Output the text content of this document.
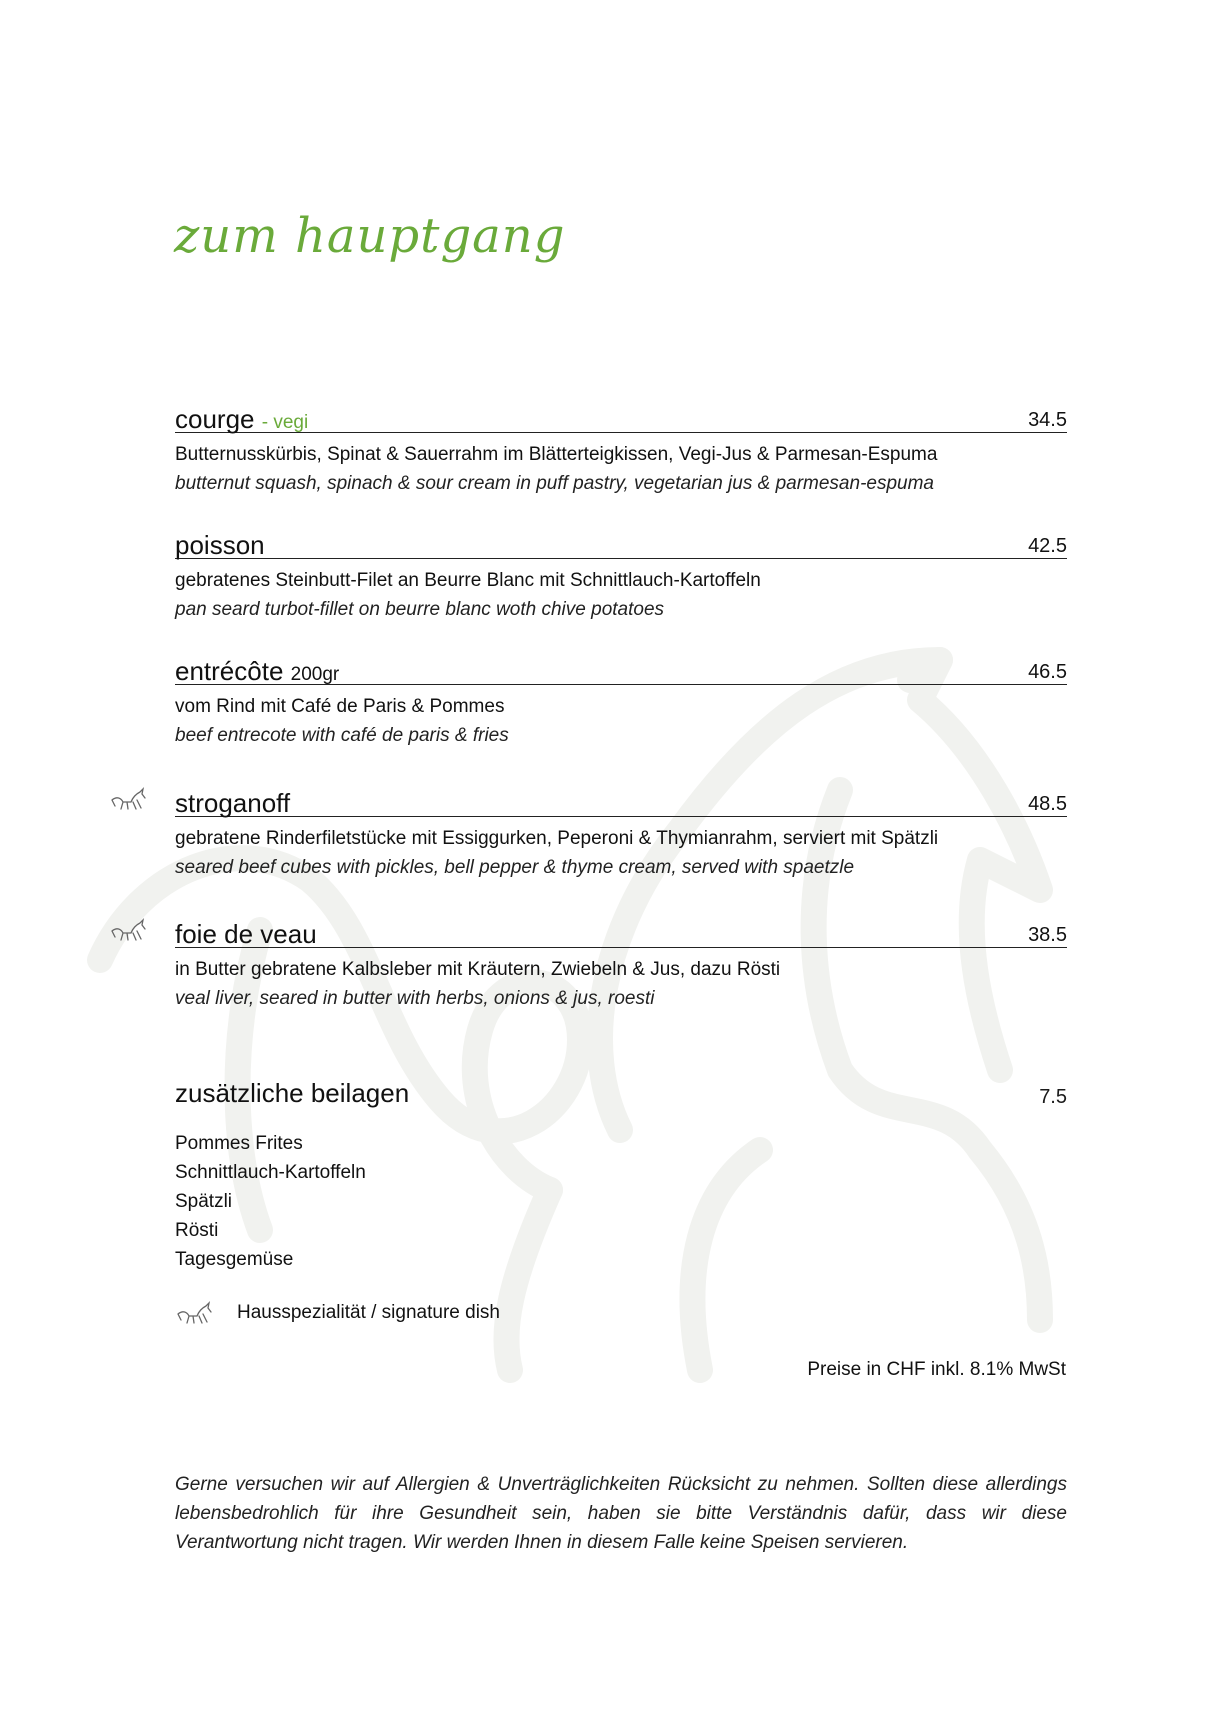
zum hauptgang
courge - vegi	34.5
Butternusskürbis, Spinat & Sauerrahm im Blätterteigkissen, Vegi-Jus & Parmesan-Espuma
butternut squash, spinach & sour cream in puff pastry, vegetarian jus & parmesan-espuma
poisson	42.5
gebratenes Steinbutt-Filet an Beurre Blanc mit Schnittlauch-Kartoffeln
pan seard turbot-fillet on beurre blanc woth chive potatoes
entrécôte 200gr	46.5
vom Rind mit Café de Paris & Pommes
beef entrecote with café de paris & fries
stroganoff	48.5
gebratene Rinderfiletstücke mit Essiggurken, Peperoni & Thymianrahm, serviert mit Spätzli
seared beef cubes with pickles, bell pepper & thyme cream, served with spaetzle
foie de veau	38.5
in Butter gebratene Kalbsleber mit Kräutern, Zwiebeln & Jus, dazu Rösti
veal liver, seared in butter with herbs, onions & jus, roesti
zusätzliche beilagen	7.5
Pommes Frites
Schnittlauch-Kartoffeln
Spätzli
Rösti
Tagesgemüse
Hausspezialität / signature dish
Preise in CHF inkl. 8.1% MwSt

Gerne versuchen wir auf Allergien & Unverträglichkeiten Rücksicht zu nehmen. Sollten diese allerdings lebensbedrohlich für ihre Gesundheit sein, haben sie bitte Verständnis dafür, dass wir diese Verantwortung nicht tragen. Wir werden Ihnen in diesem Falle keine Speisen servieren.
